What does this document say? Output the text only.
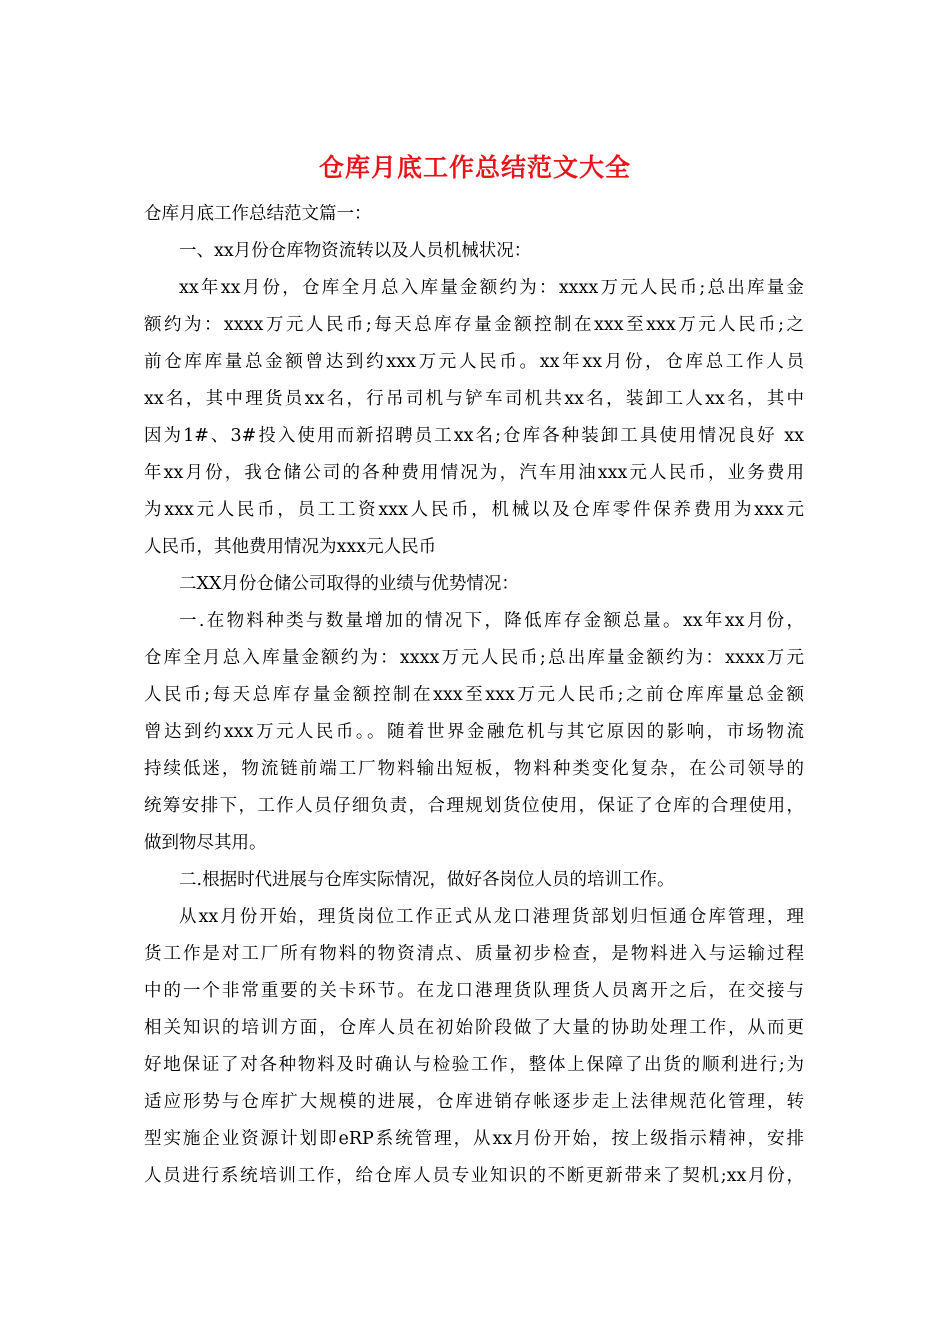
仓库月底工作总结范文大全
仓库月底工作总结范文篇一：
一、xx月份仓库物资流转以及人员机械状况：
xx年xx月份，仓库全月总入库量金额约为：xxxx万元人民币;总出库量金
额约为：xxxx万元人民币;每天总库存量金额控制在xxx至xxx万元人民币;之
前仓库库量总金额曾达到约xxx万元人民币。xx年xx月份，仓库总工作人员
xx名，其中理货员xx名，行吊司机与铲车司机共xx名，装卸工人xx名，其中
因为1#、3#投入使用而新招聘员工xx名;仓库各种装卸工具使用情况良好 xx
年xx月份，我仓储公司的各种费用情况为，汽车用油xxx元人民币，业务费用
为xxx元人民币，员工工资xxx人民币，机械以及仓库零件保养费用为xxx元
人民币，其他费用情况为xxx元人民币
二XX月份仓储公司取得的业绩与优势情况：
一.在物料种类与数量增加的情况下，降低库存金额总量。xx年xx月份，
仓库全月总入库量金额约为：xxxx万元人民币;总出库量金额约为：xxxx万元
人民币;每天总库存量金额控制在xxx至xxx万元人民币;之前仓库库量总金额
曾达到约xxx万元人民币。。随着世界金融危机与其它原因的影响，市场物流
持续低迷，物流链前端工厂物料输出短板，物料种类变化复杂，在公司领导的
统筹安排下，工作人员仔细负责，合理规划货位使用，保证了仓库的合理使用，
做到物尽其用。
二.根据时代进展与仓库实际情况，做好各岗位人员的培训工作。
从xx月份开始，理货岗位工作正式从龙口港理货部划归恒通仓库管理，理
货工作是对工厂所有物料的物资清点、质量初步检查，是物料进入与运输过程
中的一个非常重要的关卡环节。在龙口港理货队理货人员离开之后，在交接与
相关知识的培训方面，仓库人员在初始阶段做了大量的协助处理工作，从而更
好地保证了对各种物料及时确认与检验工作，整体上保障了出货的顺利进行;为
适应形势与仓库扩大规模的进展，仓库进销存帐逐步走上法律规范化管理，转
型实施企业资源计划即eRP系统管理，从xx月份开始，按上级指示精神，安排
人员进行系统培训工作，给仓库人员专业知识的不断更新带来了契机;xx月份，
